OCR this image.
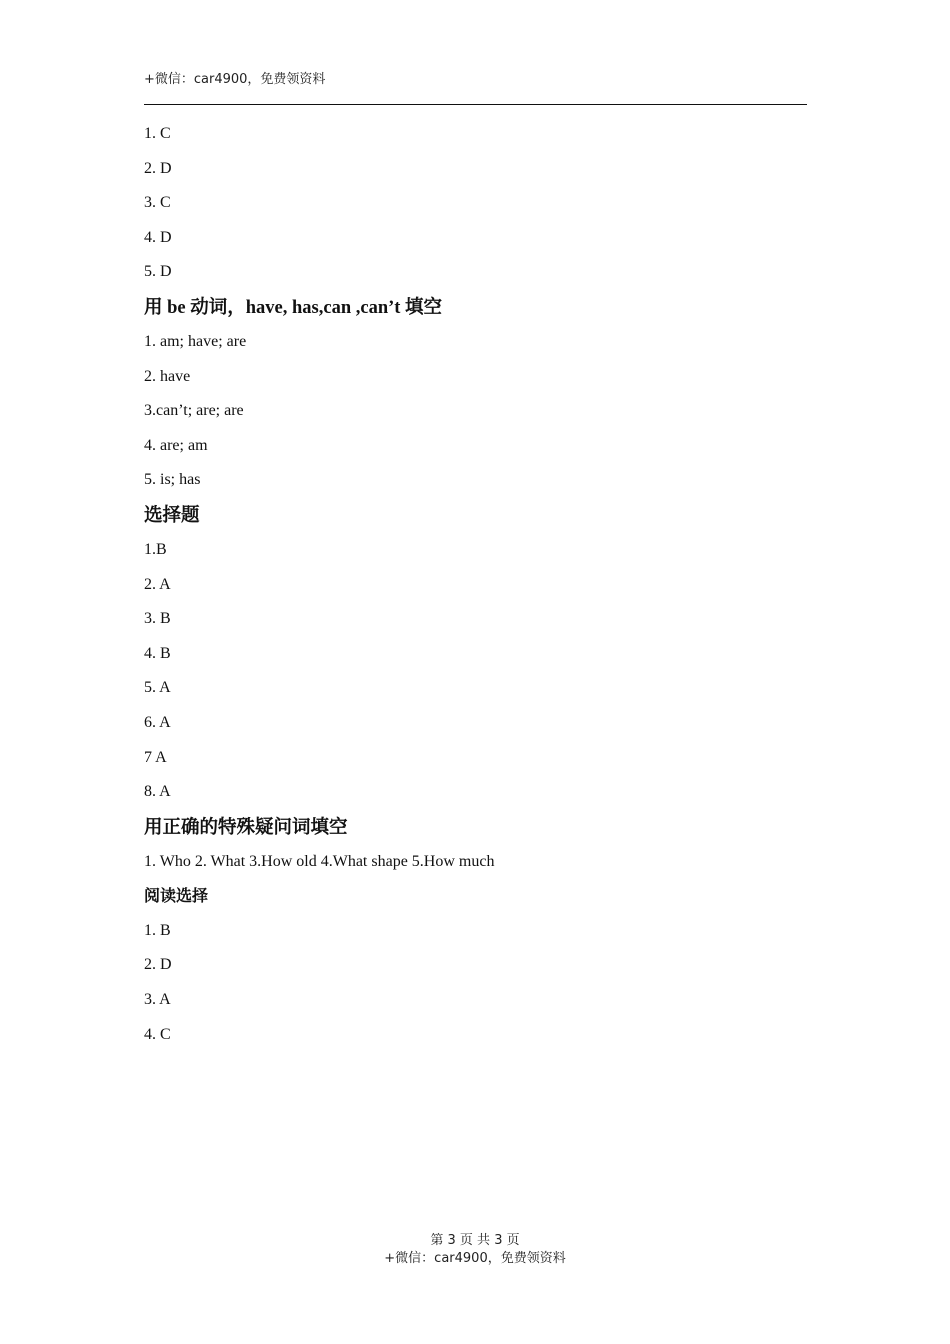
+微信：car4900，免费领资料
1. C
2. D
3. C
4. D
5. D
用 be 动词，have, has,can ,can’t 填空
1. am; have; are
2. have
3.can’t; are; are
4. are; am
5. is; has
选择题
1.B
2. A
3. B
4. B
5. A
6. A
7 A
8. A
用正确的特殊疑问词填空
1. Who 2. What 3.How old 4.What shape 5.How much
阅读选择
1. B
2. D
3. A
4. C
第 3 页 共 3 页
+微信：car4900，免费领资料
